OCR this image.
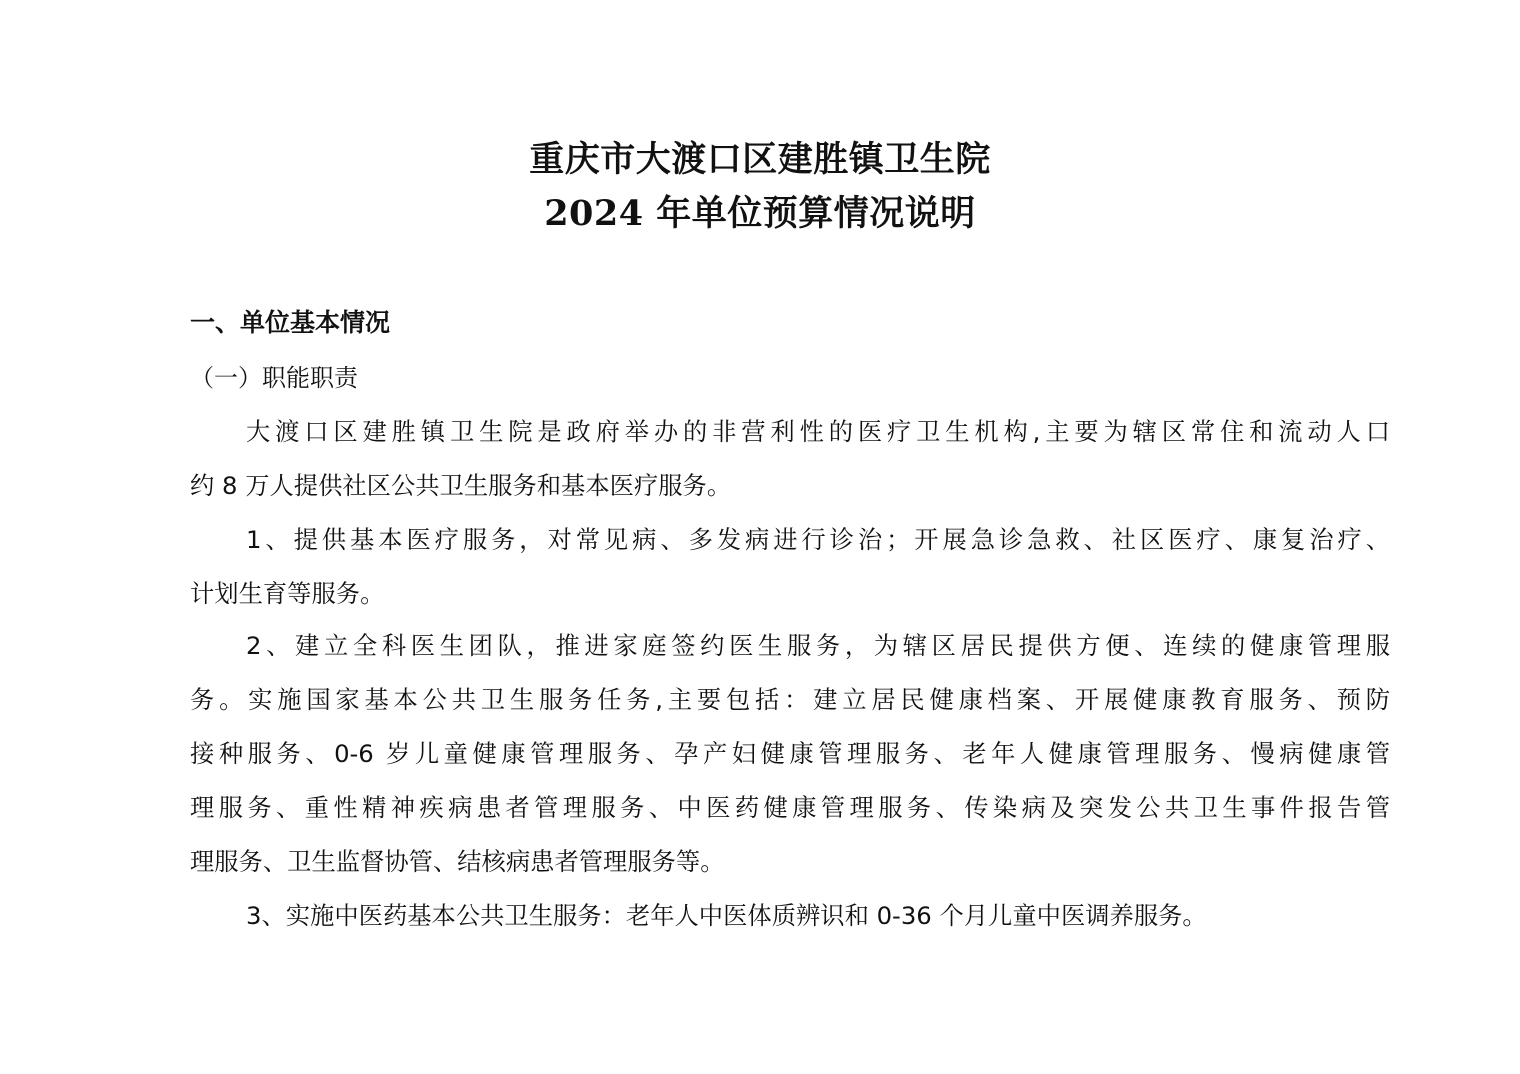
重庆市大渡口区建胜镇卫生院
2024 年单位预算情况说明
一、单位基本情况
（一）职能职责
大渡口区建胜镇卫生院是政府举办的非营利性的医疗卫生机构,主要为辖区常住和流动人口
约 8 万人提供社区公共卫生服务和基本医疗服务。
1、提供基本医疗服务，对常见病、多发病进行诊治；开展急诊急救、社区医疗、康复治疗、
计划生育等服务。
2、建立全科医生团队，推进家庭签约医生服务，为辖区居民提供方便、连续的健康管理服
务。实施国家基本公共卫生服务任务,主要包括：建立居民健康档案、开展健康教育服务、预防
接种服务、0-6 岁儿童健康管理服务、孕产妇健康管理服务、老年人健康管理服务、慢病健康管
理服务、重性精神疾病患者管理服务、中医药健康管理服务、传染病及突发公共卫生事件报告管
理服务、卫生监督协管、结核病患者管理服务等。
3、实施中医药基本公共卫生服务：老年人中医体质辨识和 0-36 个月儿童中医调养服务。
